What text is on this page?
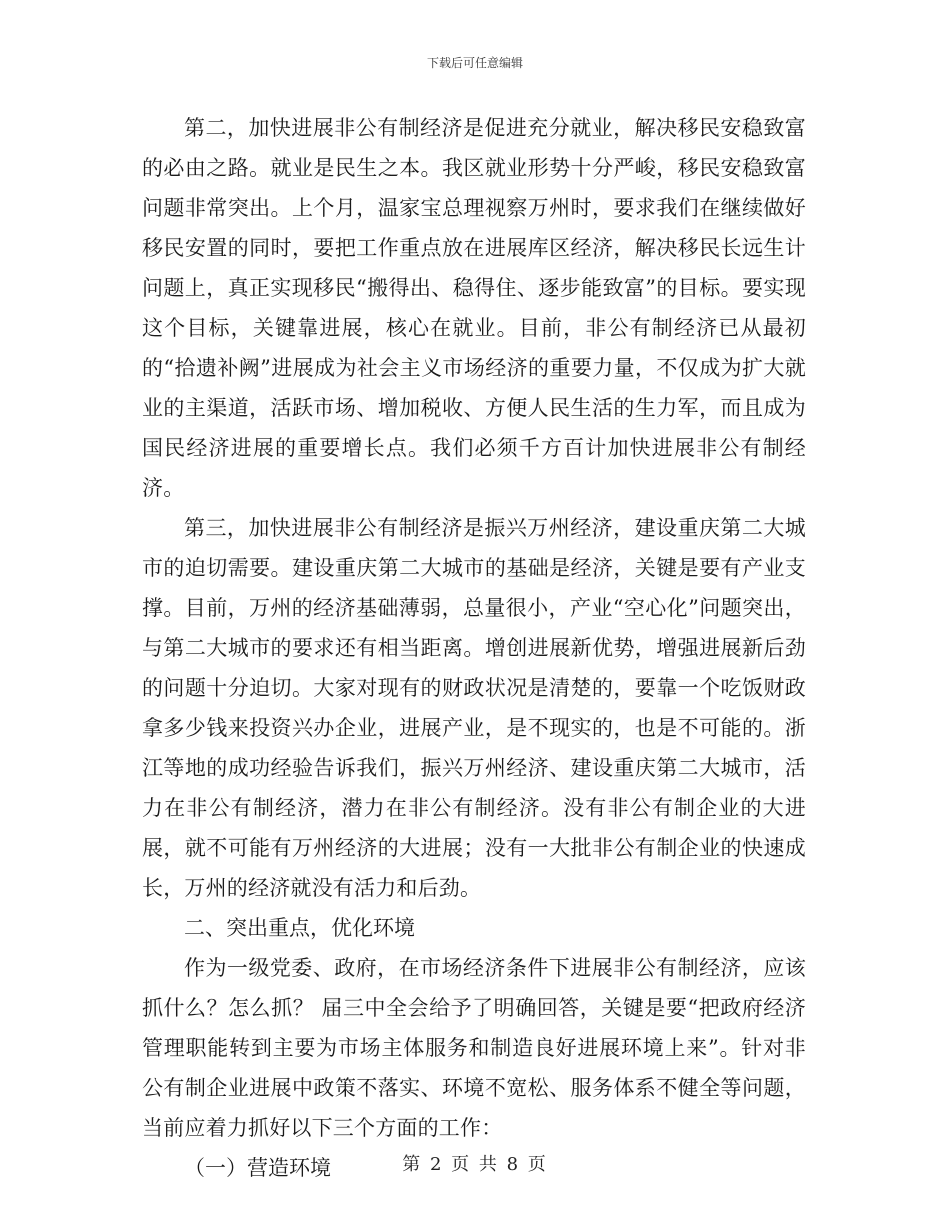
下载后可任意编辑

第二，加快进展非公有制经济是促进充分就业，解决移民安稳致富的必由之路。就业是民生之本。我区就业形势十分严峻，移民安稳致富问题非常突出。上个月，温家宝总理视察万州时，要求我们在继续做好移民安置的同时，要把工作重点放在进展库区经济，解决移民长远生计问题上，真正实现移民“搬得出、稳得住、逐步能致富”的目标。要实现这个目标，关键靠进展，核心在就业。目前，非公有制经济已从最初的“拾遗补阙”进展成为社会主义市场经济的重要力量，不仅成为扩大就业的主渠道，活跃市场、增加税收、方便人民生活的生力军，而且成为国民经济进展的重要增长点。我们必须千方百计加快进展非公有制经济。

第三，加快进展非公有制经济是振兴万州经济，建设重庆第二大城市的迫切需要。建设重庆第二大城市的基础是经济，关键是要有产业支撑。目前，万州的经济基础薄弱，总量很小，产业“空心化”问题突出，与第二大城市的要求还有相当距离。增创进展新优势，增强进展新后劲的问题十分迫切。大家对现有的财政状况是清楚的，要靠一个吃饭财政拿多少钱来投资兴办企业，进展产业，是不现实的，也是不可能的。浙江等地的成功经验告诉我们，振兴万州经济、建设重庆第二大城市，活力在非公有制经济，潜力在非公有制经济。没有非公有制企业的大进展，就不可能有万州经济的大进展；没有一大批非公有制企业的快速成长，万州的经济就没有活力和后劲。

二、突出重点，优化环境

作为一级党委、政府，在市场经济条件下进展非公有制经济，应该抓什么？怎么抓？ 届三中全会给予了明确回答，关键是要“把政府经济管理职能转到主要为市场主体服务和制造良好进展环境上来”。针对非公有制企业进展中政策不落实、环境不宽松、服务体系不健全等问题，当前应着力抓好以下三个方面的工作：

（一）营造环境	第 2 页 共 8 页
